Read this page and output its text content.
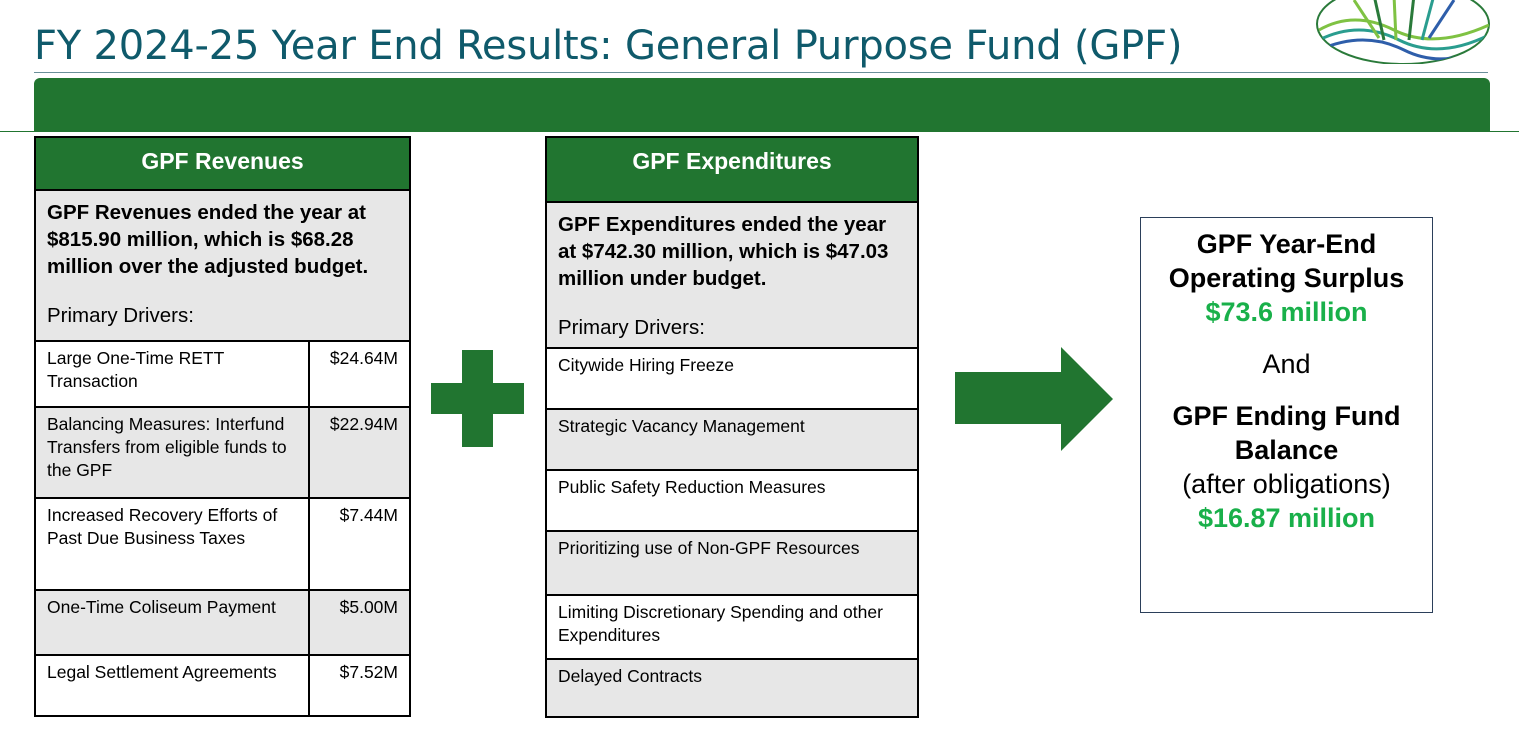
FY 2024-25 Year End Results: General Purpose Fund (GPF)
GPF Revenues
GPF Revenues ended the year at $815.90 million, which is $68.28 million over the adjusted budget.
Primary Drivers:
Large One-Time RETT Transaction
$24.64M
Balancing Measures: Interfund Transfers from eligible funds to the GPF
$22.94M
Increased Recovery Efforts of Past Due Business Taxes
$7.44M
One-Time Coliseum Payment	$5.00M
Legal Settlement Agreements	$7.52M
GPF Expenditures
GPF Expenditures ended the year at $742.30 million, which is $47.03 million under budget.
Primary Drivers:
Citywide Hiring Freeze
Strategic Vacancy Management
Public Safety Reduction Measures
Prioritizing use of Non-GPF Resources
Limiting Discretionary Spending and other Expenditures
Delayed Contracts
GPF Year-End Operating Surplus
$73.6 million
And
GPF Ending Fund Balance
(after obligations)
$16.87 million
